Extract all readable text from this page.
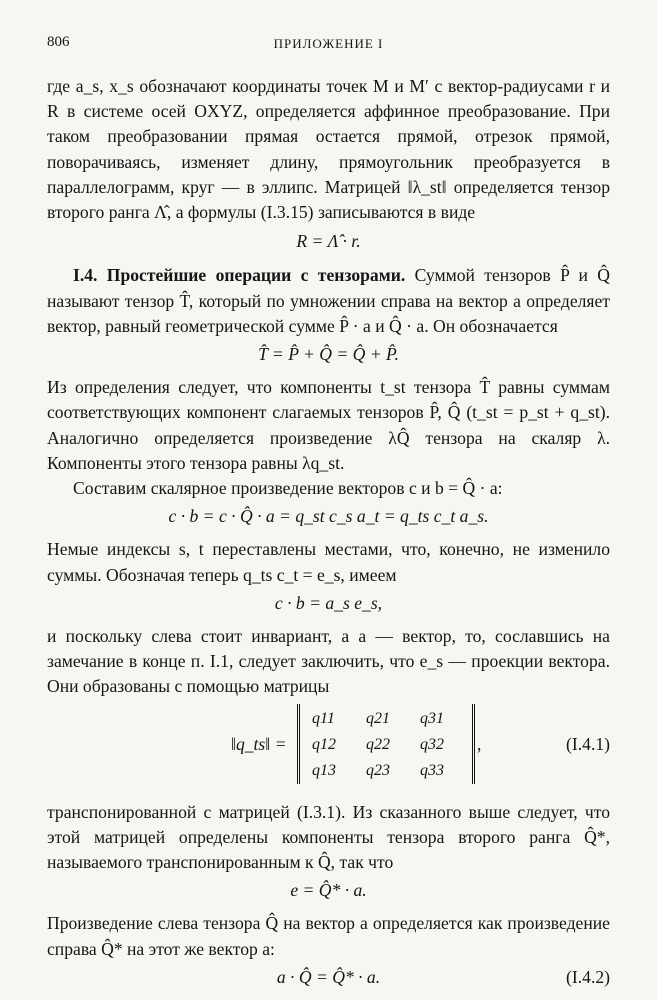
806	ПРИЛОЖЕНИЕ I

где a_s, x_s обозначают координаты точек M и M′ с вектор-радиусами r и R в системе осей OXYZ, определяется аффинное преобразование. При таком преобразовании прямая остается прямой, отрезок прямой, поворачиваясь, изменяет длину, прямоугольник преобразуется в параллелограмм, круг — в эллипс. Матрицей ‖λ_st‖ определяется тензор второго ранга Λ̂, а формулы (I.3.15) записываются в виде

R = Λ̂ · r.

I.4. Простейшие операции с тензорами. Суммой тензоров P̂ и Q̂ называют тензор T̂, который по умножении справа на вектор a определяет вектор, равный геометрической сумме P̂ · a и Q̂ · a. Он обозначается

T̂ = P̂ + Q̂ = Q̂ + P̂.

Из определения следует, что компоненты t_st тензора T̂ равны суммам соответствующих компонент слагаемых тензоров P̂, Q̂ (t_st = p_st + q_st). Аналогично определяется произведение λQ̂ тензора на скаляр λ. Компоненты этого тензора равны λq_st.

Составим скалярное произведение векторов c и b = Q̂ · a:

c · b = c · Q̂ · a = q_st c_s a_t = q_ts c_t a_s.

Немые индексы s, t переставлены местами, что, конечно, не изменило суммы. Обозначая теперь q_ts c_t = e_s, имеем

c · b = a_s e_s,

и поскольку слева стоит инвариант, а a — вектор, то, сославшись на замечание в конце п. I.1, следует заключить, что e_s — проекции вектора. Они образованы с помощью матрицы

‖q_ts‖ =
q11 q21 q31
q12 q22 q32
q13 q23 q33
,	(I.4.1)

транспонированной с матрицей (I.3.1). Из сказанного выше следует, что этой матрицей определены компоненты тензора второго ранга Q̂*, называемого транспонированным к Q̂, так что

e = Q̂* · a.

Произведение слева тензора Q̂ на вектор a определяется как произведение справа Q̂* на этот же вектор a:

a · Q̂ = Q̂* · a.	(I.4.2)
